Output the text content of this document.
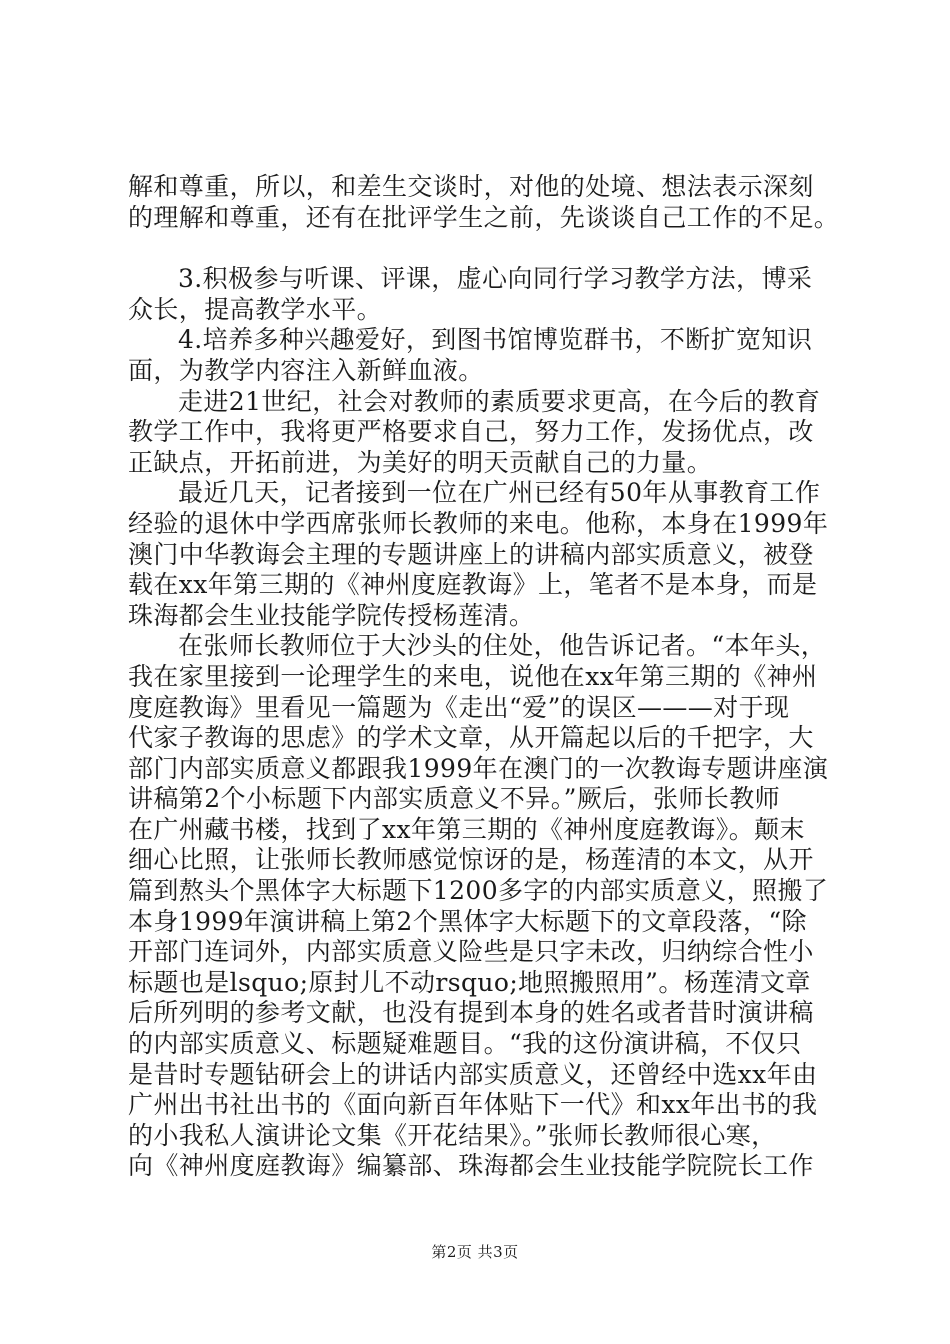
解和尊重，所以，和差生交谈时，对他的处境、想法表示深刻
的理解和尊重，还有在批评学生之前，先谈谈自己工作的不足。
3.积极参与听课、评课，虚心向同行学习教学方法，博采
众长，提高教学水平。
4.培养多种兴趣爱好，到图书馆博览群书，不断扩宽知识
面，为教学内容注入新鲜血液。
走进21世纪，社会对教师的素质要求更高，在今后的教育
教学工作中，我将更严格要求自己，努力工作，发扬优点，改
正缺点，开拓前进，为美好的明天贡献自己的力量。
最近几天，记者接到一位在广州已经有50年从事教育工作
经验的退休中学西席张师长教师的来电。他称，本身在1999年
澳门中华教诲会主理的专题讲座上的讲稿内部实质意义，被登
载在xx年第三期的《神州度庭教诲》上，笔者不是本身，而是
珠海都会生业技能学院传授杨莲清。
在张师长教师位于大沙头的住处，他告诉记者。“本年头，
我在家里接到一论理学生的来电，说他在xx年第三期的《神州
度庭教诲》里看见一篇题为《走出“爱”的误区———对于现
代家子教诲的思虑》的学术文章，从开篇起以后的千把字，大
部门内部实质意义都跟我1999年在澳门的一次教诲专题讲座演
讲稿第2个小标题下内部实质意义不异。”厥后，张师长教师
在广州藏书楼，找到了xx年第三期的《神州度庭教诲》。颠末
细心比照，让张师长教师感觉惊讶的是，杨莲清的本文，从开
篇到熬头个黑体字大标题下1200多字的内部实质意义，照搬了
本身1999年演讲稿上第2个黑体字大标题下的文章段落，“除
开部门连词外，内部实质意义险些是只字未改，归纳综合性小
标题也是lsquo;原封儿不动rsquo;地照搬照用”。杨莲清文章
后所列明的参考文献，也没有提到本身的姓名或者昔时演讲稿
的内部实质意义、标题疑难题目。“我的这份演讲稿，不仅只
是昔时专题钻研会上的讲话内部实质意义，还曾经中选xx年由
广州出书社出书的《面向新百年体贴下一代》和xx年出书的我
的小我私人演讲论文集《开花结果》。”张师长教师很心寒，
向《神州度庭教诲》编纂部、珠海都会生业技能学院院长工作
第2页 共3页
